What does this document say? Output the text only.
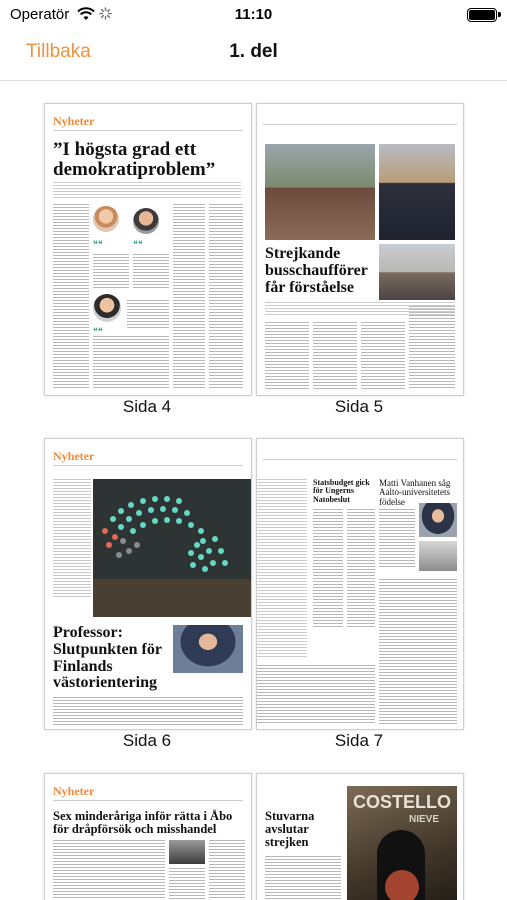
Operatör	11:10
Tillbaka	1. del
Nyheter
”I högsta grad ett demokratiproblem”
❝❝	❝❝
❝❝
Sida 4
Strejkande busschaufförer får förståelse
Sida 5
Nyheter
Professor: Slutpunkten för Finlands västorientering
Sida 6
Statsbudget gick för Ungerns Natobeslut
Matti Vanhanen såg Aalto-universitetets födelse
Sida 7
Nyheter
Sex minderåriga inför rätta i Åbo för dråpförsök och misshandel
Stuvarna avslutar strejken
COSTELLO
NIEVE
